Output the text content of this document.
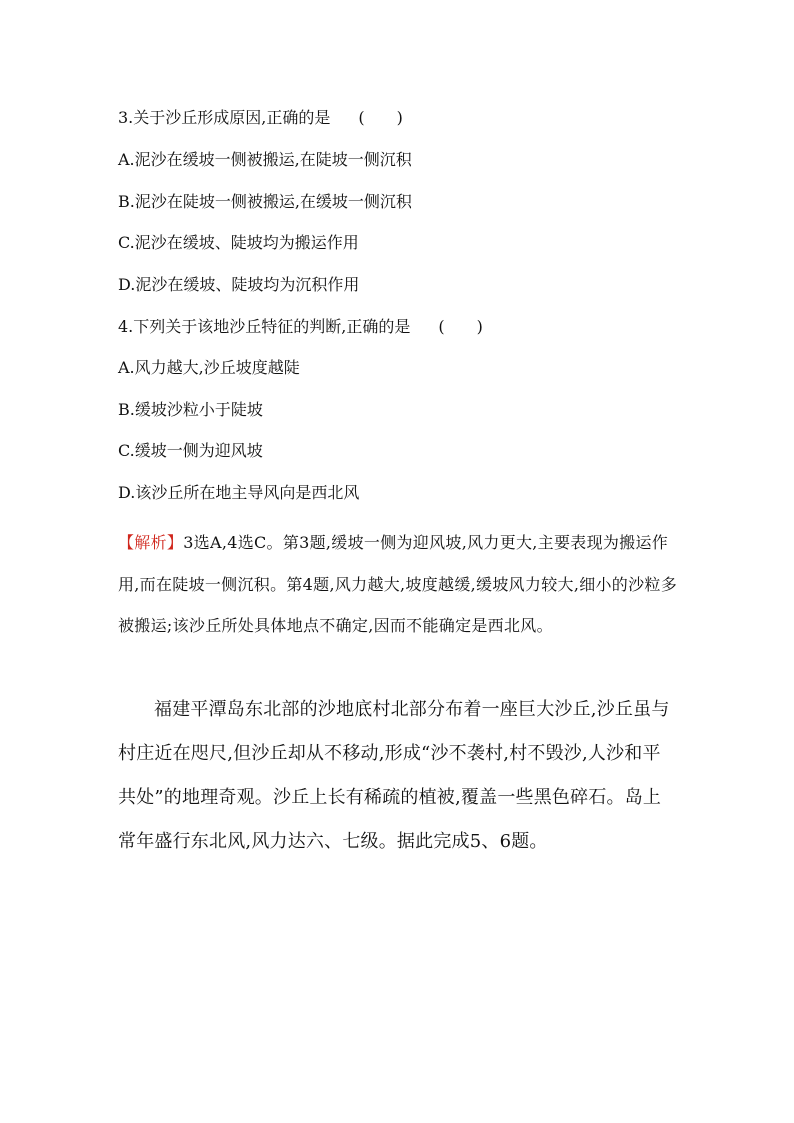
3.关于沙丘形成原因,正确的是 (　　)
A.泥沙在缓坡一侧被搬运,在陡坡一侧沉积
B.泥沙在陡坡一侧被搬运,在缓坡一侧沉积
C.泥沙在缓坡、陡坡均为搬运作用
D.泥沙在缓坡、陡坡均为沉积作用
4.下列关于该地沙丘特征的判断,正确的是 (　　)
A.风力越大,沙丘坡度越陡
B.缓坡沙粒小于陡坡
C.缓坡一侧为迎风坡
D.该沙丘所在地主导风向是西北风
【解析】3选A,4选C。第3题,缓坡一侧为迎风坡,风力更大,主要表现为搬运作用,而在陡坡一侧沉积。第4题,风力越大,坡度越缓,缓坡风力较大,细小的沙粒多被搬运;该沙丘所处具体地点不确定,因而不能确定是西北风。
福建平潭岛东北部的沙地底村北部分布着一座巨大沙丘,沙丘虽与村庄近在咫尺,但沙丘却从不移动,形成“沙不袭村,村不毁沙,人沙和平共处”的地理奇观。沙丘上长有稀疏的植被,覆盖一些黑色碎石。岛上常年盛行东北风,风力达六、七级。据此完成5、6题。
